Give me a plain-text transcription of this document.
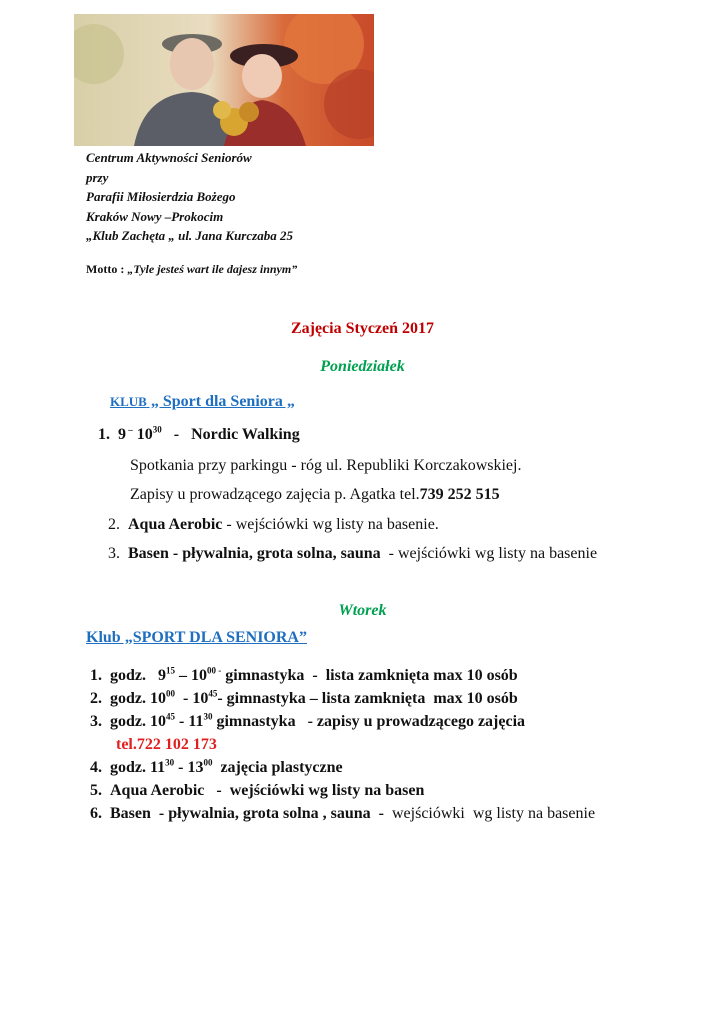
Centrum Aktywności Seniorów
przy
Parafii Miłosierdzia Bożego
Kraków Nowy –Prokocim
„Klub Zachęta „ ul. Jana Kurczaba 25
Motto : „Tyle jesteś wart ile dajesz innym”
Zajęcia Styczeń 2017
Poniedziałek
KLUB „ Sport dla Seniora „
1. 9 – $10^{30}$   -   Nordic Walking
Spotkania przy parkingu - róg ul. Republiki Korczakowskiej.
Zapisy u prowadzącego zajęcia p. Agatka tel.739 252 515
2. Aqua Aerobic - wejściówki wg listy na basenie.
3. Basen - pływalnia, grota solna, sauna  - wejściówki wg listy na basenie
Wtorek
Klub „SPORT DLA SENIORA”
1. godz.   $9^{15} - 10^{00}$ - gimnastyka  -  lista zamknięta max 10 osób
2. godz. $10^{00} - 10^{45}-$ gimnastyka – lista zamknięta  max 10 osób
3. godz. $10^{45} - 11^{30}$ gimnastyka   - zapisy u prowadzącego zajęcia
tel.722 102 173
4. godz. $11^{30} - 13^{00}$  zajęcia plastyczne
5. Aqua Aerobic   -  wejściówki wg listy na basen
6. Basen  - pływalnia, grota solna , sauna  -  wejściówki  wg listy na basenie
